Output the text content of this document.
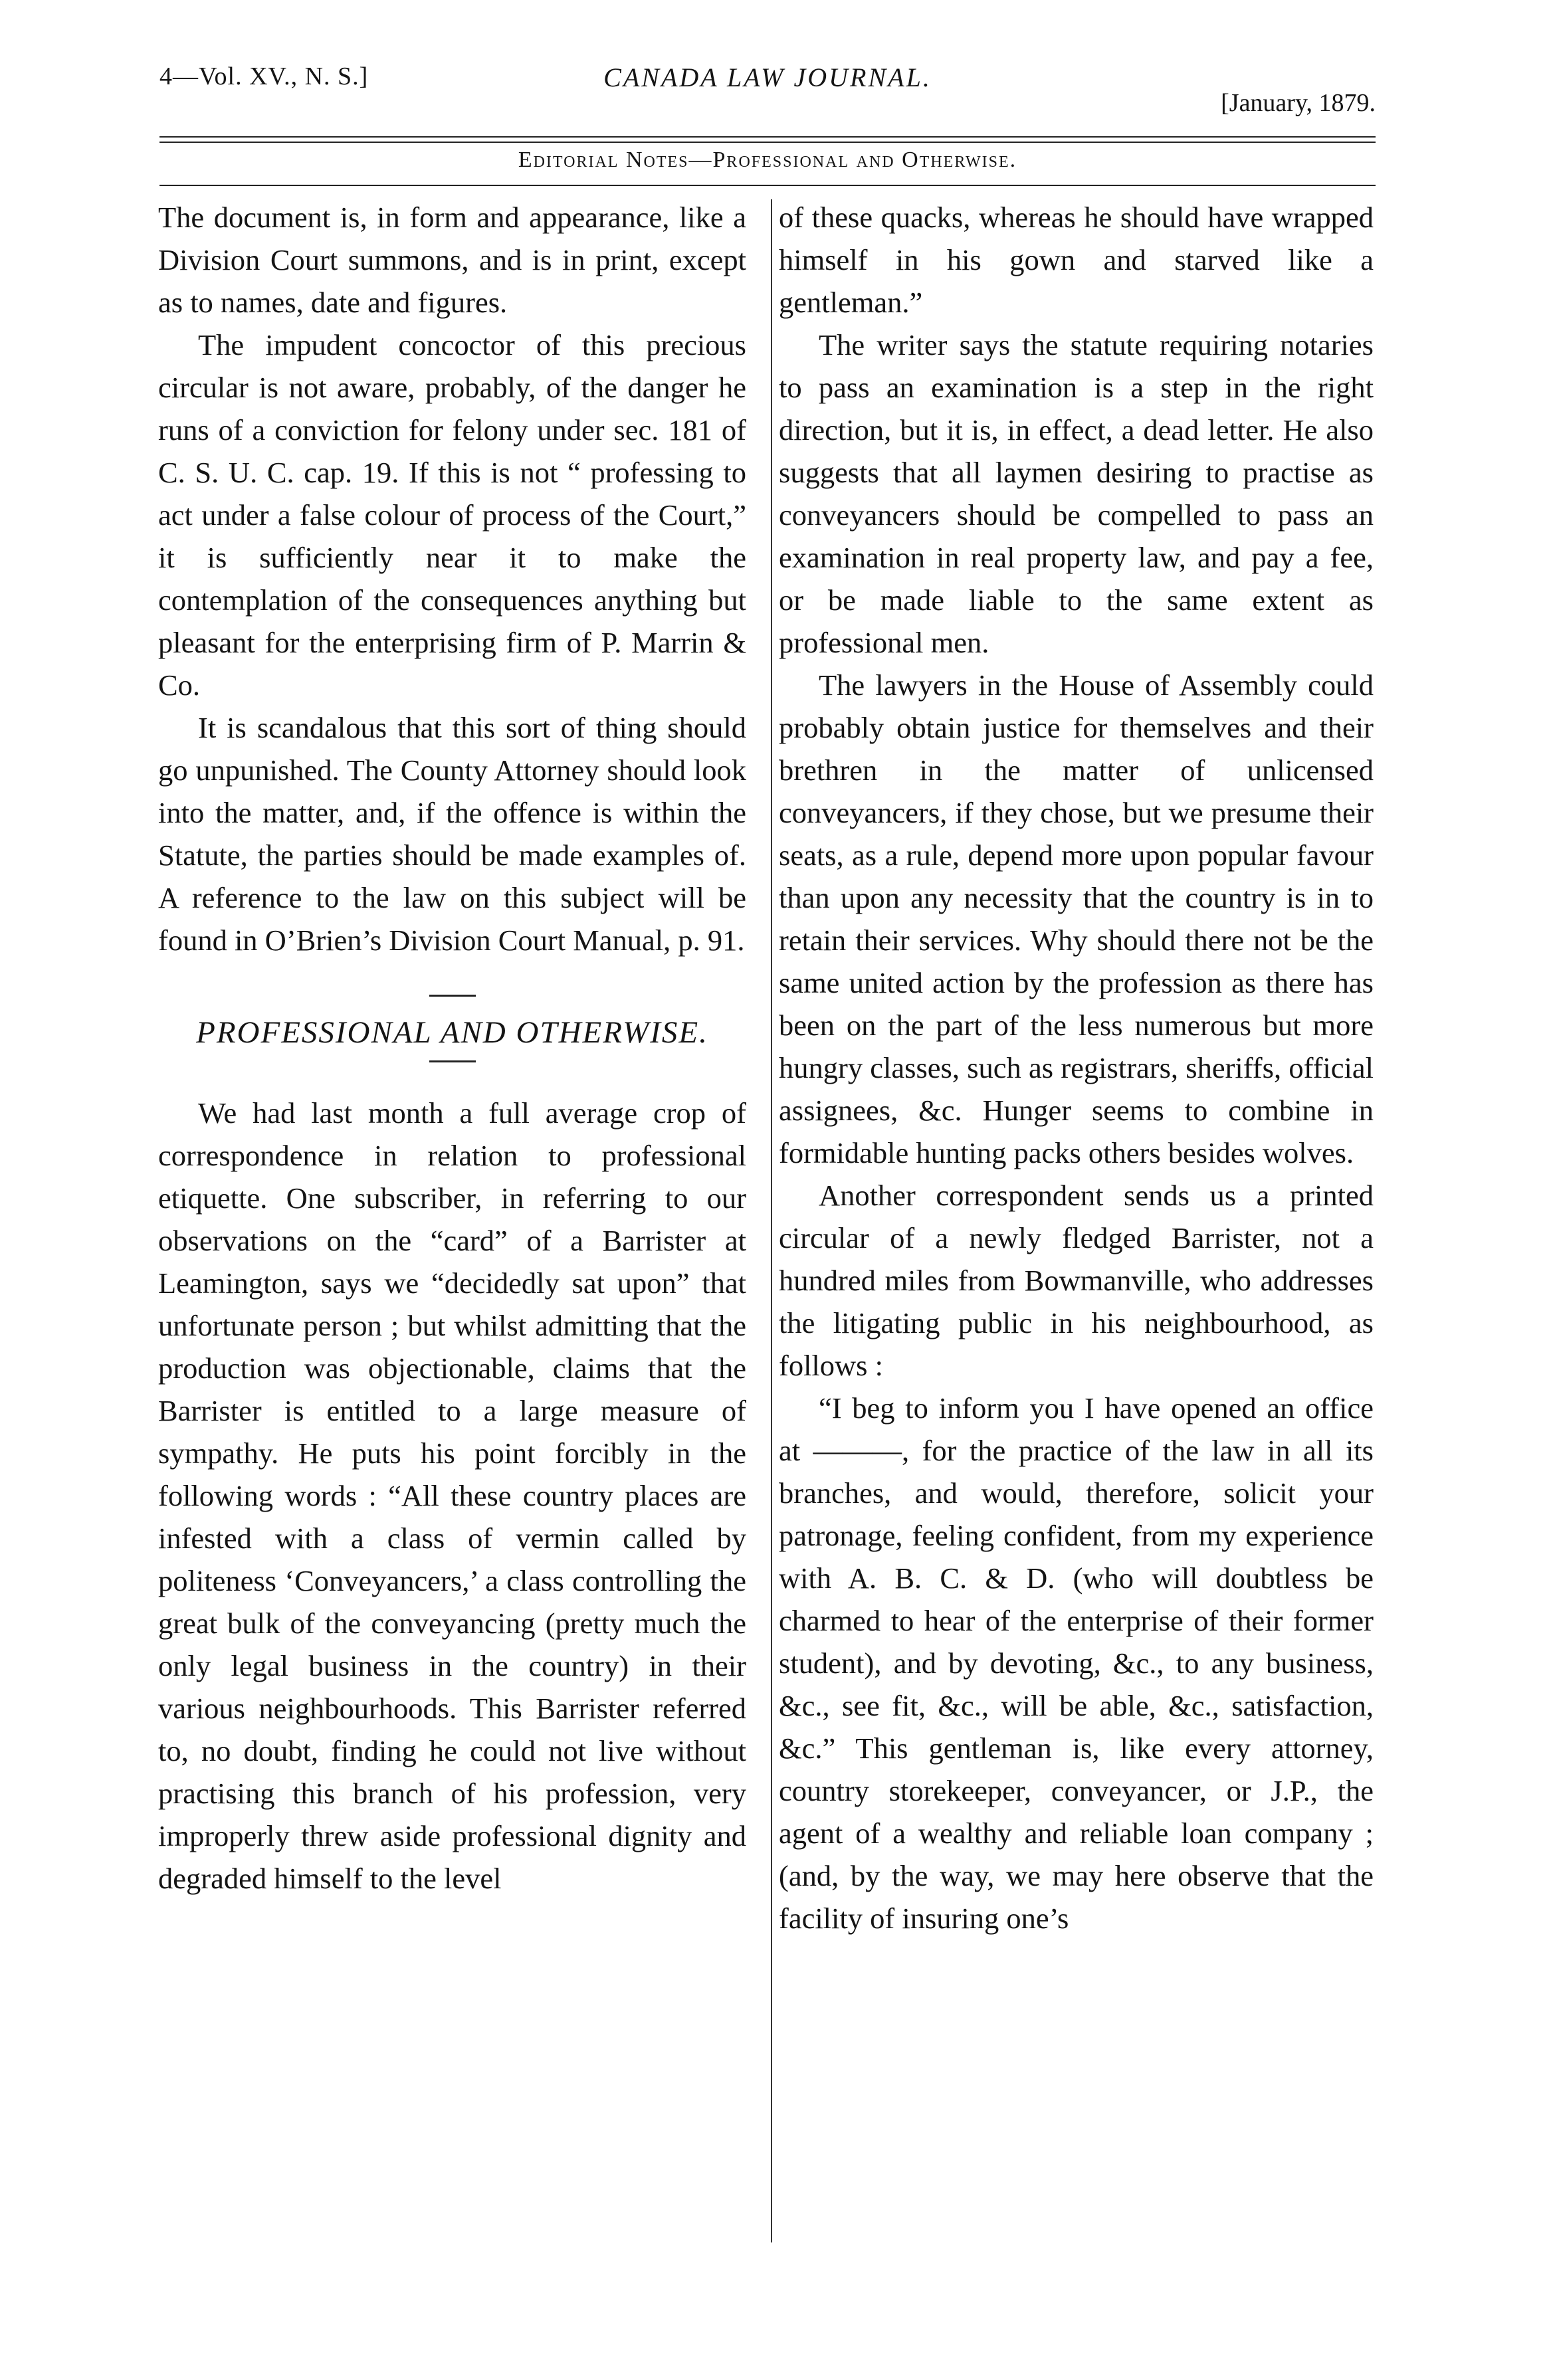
4—Vol. XV., N. S.]	CANADA LAW JOURNAL.
[January, 1879.
Editorial Notes—Professional and Otherwise.

The document is, in form and appearance, like a Division Court summons, and is in print, except as to names, date and figures.

The impudent concoctor of this precious circular is not aware, probably, of the danger he runs of a conviction for felony under sec. 181 of C. S. U. C. cap. 19. If this is not “ professing to act under a false colour of process of the Court,” it is sufficiently near it to make the contemplation of the consequences anything but pleasant for the enterprising firm of P. Marrin & Co.

It is scandalous that this sort of thing should go unpunished. The County Attorney should look into the matter, and, if the offence is within the Statute, the parties should be made examples of. A reference to the law on this subject will be found in O’Brien’s Division Court Manual, p. 91.

PROFESSIONAL AND OTHERWISE.

We had last month a full average crop of correspondence in relation to professional etiquette. One subscriber, in referring to our observations on the “card” of a Barrister at Leamington, says we “decidedly sat upon” that unfortunate person ; but whilst admitting that the production was objectionable, claims that the Barrister is entitled to a large measure of sympathy. He puts his point forcibly in the following words : “All these country places are infested with a class of vermin called by politeness ‘Conveyancers,’ a class controlling the great bulk of the conveyancing (pretty much the only legal business in the country) in their various neighbourhoods. This Barrister referred to, no doubt, finding he could not live without practising this branch of his profession, very improperly threw aside professional dignity and degraded himself to the level

of these quacks, whereas he should have wrapped himself in his gown and starved like a gentleman.”

The writer says the statute requiring notaries to pass an examination is a step in the right direction, but it is, in effect, a dead letter. He also suggests that all laymen desiring to practise as conveyancers should be compelled to pass an examination in real property law, and pay a fee, or be made liable to the same extent as professional men.

The lawyers in the House of Assembly could probably obtain justice for themselves and their brethren in the matter of unlicensed conveyancers, if they chose, but we presume their seats, as a rule, depend more upon popular favour than upon any necessity that the country is in to retain their services. Why should there not be the same united action by the profession as there has been on the part of the less numerous but more hungry classes, such as registrars, sheriffs, official assignees, &c. Hunger seems to combine in formidable hunting packs others besides wolves.

Another correspondent sends us a printed circular of a newly fledged Barrister, not a hundred miles from Bowmanville, who addresses the litigating public in his neighbourhood, as follows :

“I beg to inform you I have opened an office at ———, for the practice of the law in all its branches, and would, therefore, solicit your patronage, feeling confident, from my experience with A. B. C. & D. (who will doubtless be charmed to hear of the enterprise of their former student), and by devoting, &c., to any business, &c., see fit, &c., will be able, &c., satisfaction, &c.” This gentleman is, like every attorney, country storekeeper, conveyancer, or J.P., the agent of a wealthy and reliable loan company ; (and, by the way, we may here observe that the facility of insuring one’s
